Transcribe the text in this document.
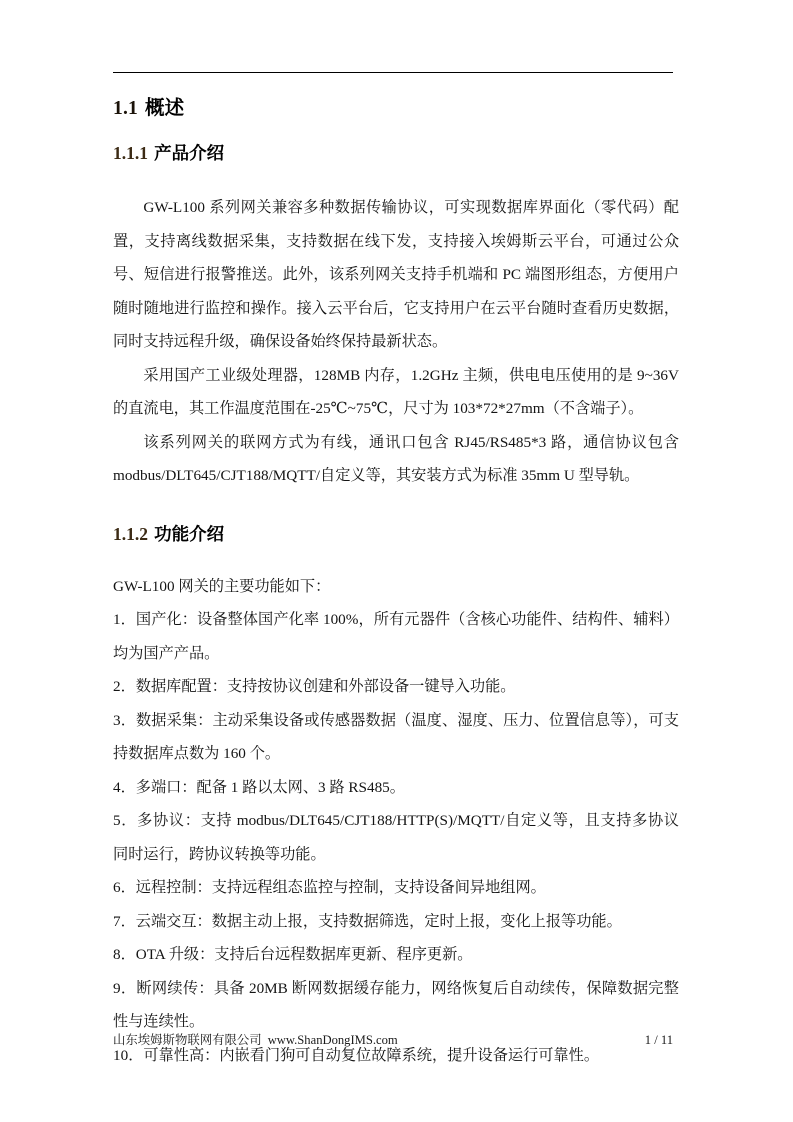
1.1 概述
1.1.1 产品介绍

GW-L100 系列网关兼容多种数据传输协议，可实现数据库界面化（零代码）配置，支持离线数据采集，支持数据在线下发，支持接入埃姆斯云平台，可通过公众号、短信进行报警推送。此外，该系列网关支持手机端和 PC 端图形组态，方便用户随时随地进行监控和操作。接入云平台后，它支持用户在云平台随时查看历史数据，同时支持远程升级，确保设备始终保持最新状态。

采用国产工业级处理器，128MB 内存，1.2GHz 主频，供电电压使用的是 9~36V 的直流电，其工作温度范围在-25℃~75℃，尺寸为 103*72*27mm（不含端子）。

该系列网关的联网方式为有线，通讯口包含 RJ45/RS485*3 路，通信协议包含 modbus/DLT645/CJT188/MQTT/自定义等，其安装方式为标准 35mm U 型导轨。

1.1.2 功能介绍

GW-L100 网关的主要功能如下：

1．国产化：设备整体国产化率 100%，所有元器件（含核心功能件、结构件、辅料）均为国产产品。

2．数据库配置：支持按协议创建和外部设备一键导入功能。

3．数据采集：主动采集设备或传感器数据（温度、湿度、压力、位置信息等），可支持数据库点数为 160 个。

4．多端口：配备 1 路以太网、3 路 RS485。

5．多协议：支持 modbus/DLT645/CJT188/HTTP(S)/MQTT/自定义等，且支持多协议同时运行，跨协议转换等功能。

6．远程控制：支持远程组态监控与控制，支持设备间异地组网。

7．云端交互：数据主动上报，支持数据筛选，定时上报，变化上报等功能。

8．OTA 升级：支持后台远程数据库更新、程序更新。

9．断网续传：具备 20MB 断网数据缓存能力，网络恢复后自动续传，保障数据完整性与连续性。

10．可靠性高：内嵌看门狗可自动复位故障系统，提升设备运行可靠性。

山东埃姆斯物联网有限公司 www.ShanDongIMS.com	1 / 11
